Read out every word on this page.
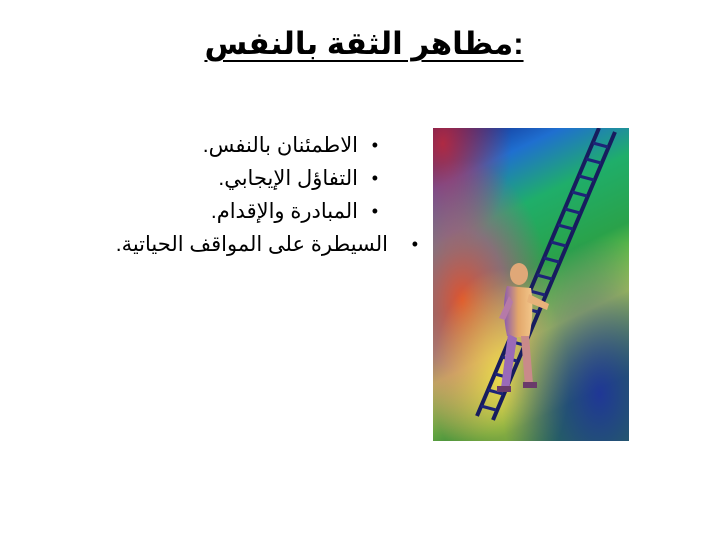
:مظاهر الثقة بالنفس
•
الاطمئنان بالنفس.
•
التفاؤل الإيجابي.
•
المبادرة والإقدام.
•
السيطرة على المواقف الحياتية.
